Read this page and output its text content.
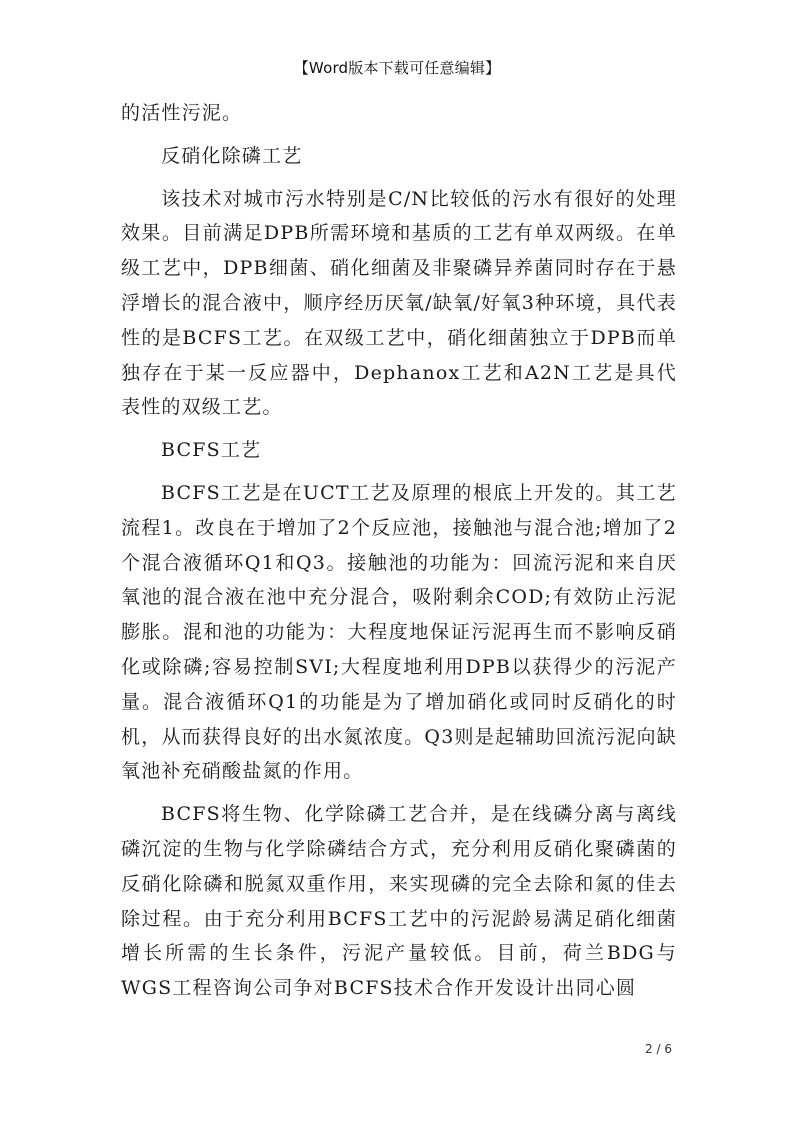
【Word版本下载可任意编辑】

的活性污泥。

反硝化除磷工艺

该技术对城市污水特别是C/N比较低的污水有很好的处理效果。目前满足DPB所需环境和基质的工艺有单双两级。在单级工艺中，DPB细菌、硝化细菌及非聚磷异养菌同时存在于悬浮增长的混合液中，顺序经历厌氧/缺氧/好氧3种环境，具代表性的是BCFS工艺。在双级工艺中，硝化细菌独立于DPB而单独存在于某一反应器中，Dephanox工艺和A2N工艺是具代表性的双级工艺。

BCFS工艺

BCFS工艺是在UCT工艺及原理的根底上开发的。其工艺流程1。改良在于增加了2个反应池，接触池与混合池;增加了2个混合液循环Q1和Q3。接触池的功能为：回流污泥和来自厌氧池的混合液在池中充分混合，吸附剩余COD;有效防止污泥膨胀。混和池的功能为：大程度地保证污泥再生而不影响反硝化或除磷;容易控制SVI;大程度地利用DPB以获得少的污泥产量。混合液循环Q1的功能是为了增加硝化或同时反硝化的时机，从而获得良好的出水氮浓度。Q3则是起辅助回流污泥向缺氧池补充硝酸盐氮的作用。

BCFS将生物、化学除磷工艺合并，是在线磷分离与离线磷沉淀的生物与化学除磷结合方式，充分利用反硝化聚磷菌的反硝化除磷和脱氮双重作用，来实现磷的完全去除和氮的佳去除过程。由于充分利用BCFS工艺中的污泥龄易满足硝化细菌增长所需的生长条件，污泥产量较低。目前，荷兰BDG与WGS工程咨询公司争对BCFS技术合作开发设计出同心圆

2 / 6
